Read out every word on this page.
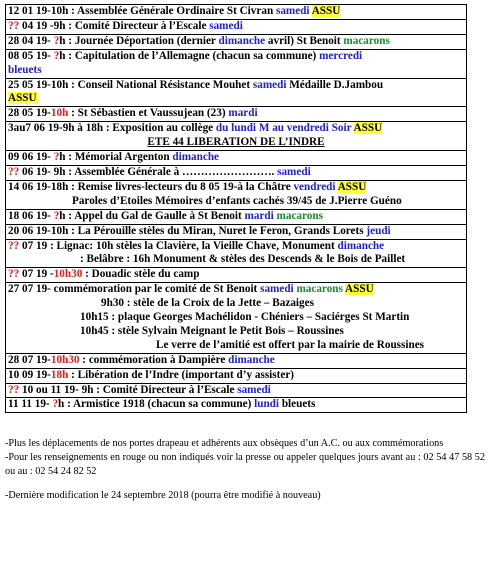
12 01 19-10h : Assemblée Générale Ordinaire St Civran samedi ASSU

?? 04 19 -9h : Comité Directeur à l’Escale samedi

28 04 19- ?h : Journée Déportation (dernier dimanche avril) St Benoit macarons

08 05 19- ?h : Capitulation de l’Allemagne (chacun sa commune) mercredi
bleuets

25 05 19-10h : Conseil National Résistance Mouhet samedi Médaille D.Jambou
ASSU

28 05 19-10h : St Sébastien et Vaussujean (23) mardi

3au7 06 19-9h à 18h : Exposition au collège du lundi M au vendredi Soir ASSU
ETE 44 LIBERATION DE L’INDRE

09 06 19- ?h : Mémorial Argenton dimanche

?? 06 19- 9h : Assemblée Générale à ……………………. samedi

14 06 19-18h : Remise livres-lecteurs du 8 05 19-à la Châtre vendredi ASSU
Paroles d’Etoiles Mémoires d’enfants cachés 39/45 de J.Pierre Guéno

18 06 19- ?h : Appel du Gal de Gaulle à St Benoit mardi macarons

20 06 19-10h : La Pérouille stèles du Miran, Nuret le Feron, Grands Lorets jeudi

?? 07 19 : Lignac: 10h stèles la Clavière, la Vieille Chave, Monument dimanche
: Belâbre : 16h Monument & stèles des Descends & le Bois de Paillet

?? 07 19 -10h30 : Douadic stèle du camp

27 07 19- commémoration par le comité de St Benoit samedi macarons ASSU
9h30 : stèle de la Croix de la Jette – Bazaiges
10h15 : plaque Georges Machélidon - Chéniers – Saciérges St Martin
10h45 : stèle Sylvain Meignant le Petit Bois – Roussines
Le verre de l’amitié est offert par la mairie de Roussines

28 07 19-10h30 : commémoration à Dampière dimanche

10 09 19-18h : Libération de l’Indre (important d’y assister)

?? 10 ou 11 19- 9h : Comité Directeur à l’Escale samedi

11 11 19- ?h : Armistice 1918 (chacun sa commune) lundi bleuets

-Plus les déplacements de nos portes drapeau et adhérents aux obsèques d’un A.C. ou aux commémorations

-Pour les renseignements en rouge ou non indiqués voir la presse ou appeler quelques jours avant au : 02 54 47 58 52 ou au : 02 54 24 82 52

-Dernière modification le 24 septembre 2018 (pourra être modifié à nouveau)
